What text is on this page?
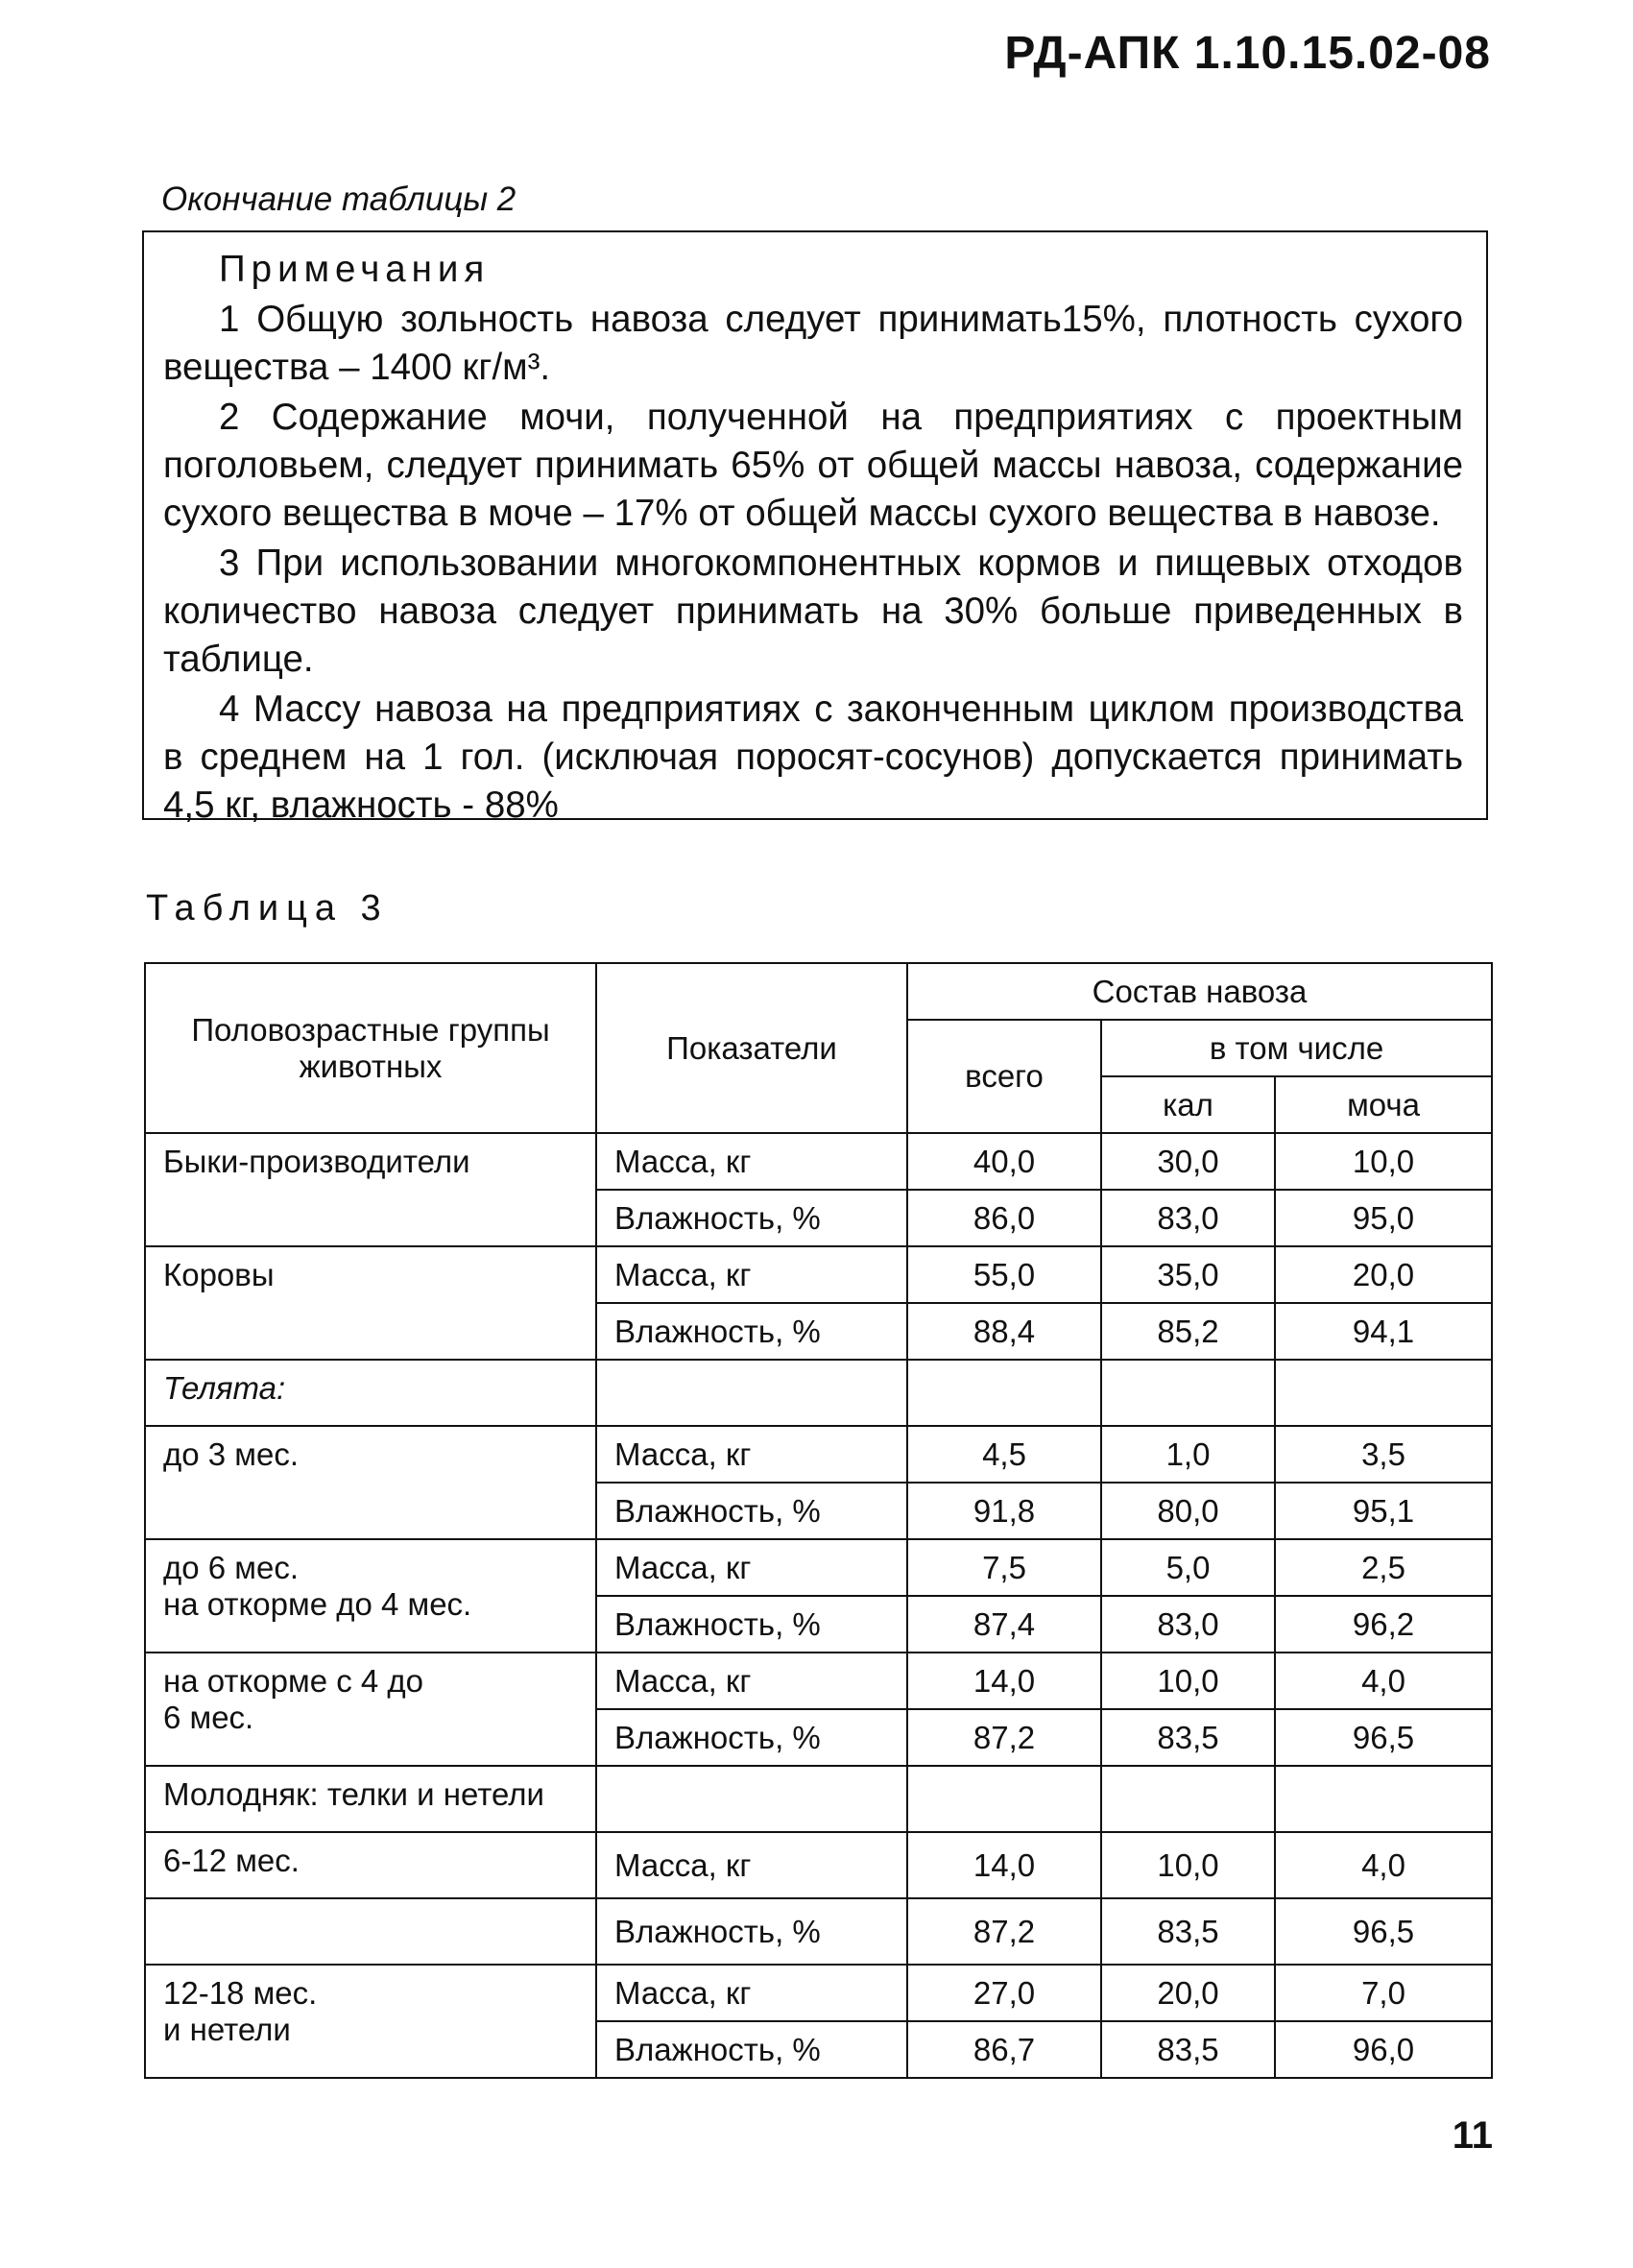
РД-АПК 1.10.15.02-08
Окончание таблицы 2
Примечания

1 Общую зольность навоза следует принимать15%, плотность сухого вещества – 1400 кг/м³.

2 Содержание мочи, полученной на предприятиях с проектным поголовьем, следует принимать 65% от общей массы навоза, содержание сухого вещества в моче – 17% от общей массы сухого вещества в навозе.

3 При использовании многокомпонентных кормов и пищевых отходов количество навоза следует принимать на 30% больше приведенных в таблице.

4 Массу навоза на предприятиях с законченным циклом производства в среднем на 1 гол. (исключая поросят-сосунов) допускается принимать 4,5 кг, влажность - 88%

Таблица 3
Половозрастные группы животных	Показатели	Состав навоза		
		всего	в том числе	
			кал	моча
Быки-производители	Масса, кг	40,0	30,0	10,0
	Влажность, %	86,0	83,0	95,0
Коровы	Масса, кг	55,0	35,0	20,0
	Влажность, %	88,4	85,2	94,1
Телята:				
до 3 мес.	Масса, кг	4,5	1,0	3,5
	Влажность, %	91,8	80,0	95,1
до 6 мес.
на откорме до 4 мес.	Масса, кг	7,5	5,0	2,5
	Влажность, %	87,4	83,0	96,2
на откорме с 4 до
6 мес.	Масса, кг	14,0	10,0	4,0
	Влажность, %	87,2	83,5	96,5
Молодняк: телки и нетели				
6-12 мес.	Масса, кг	14,0	10,0	4,0
	Влажность, %	87,2	83,5	96,5
12-18 мес.
и нетели	Масса, кг	27,0	20,0	7,0
	Влажность, %	86,7	83,5	96,0
11
